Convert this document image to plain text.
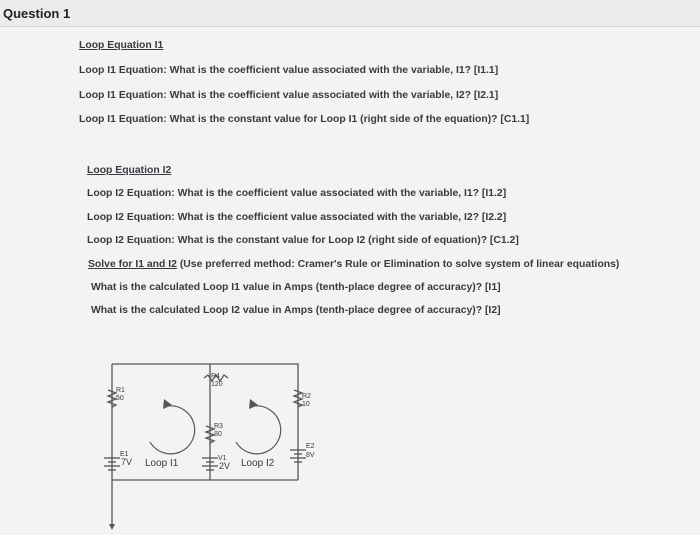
Question 1
Loop Equation I1
Loop I1 Equation: What is the coefficient value associated with the variable, I1? [I1.1]
Loop I1 Equation: What is the coefficient value associated with the variable, I2? [I2.1]
Loop I1 Equation: What is the constant value for Loop I1 (right side of the equation)? [C1.1]
Loop Equation I2
Loop I2 Equation: What is the coefficient value associated with the variable, I1? [I1.2]
Loop I2 Equation: What is the coefficient value associated with the variable, I2? [I2.2]
Loop I2 Equation: What is the constant value for Loop I2 (right side of equation)? [C1.2]
Solve for I1 and I2 (Use preferred method: Cramer's Rule or Elimination to solve system of linear equations)
What is the calculated Loop I1 value in Amps (tenth-place degree of accuracy)? [I1]
What is the calculated Loop I2 value in Amps (tenth-place degree of accuracy)? [I2]
R1
50
R4
120
R2
10
R3
80
E1
7V	V1
2V
E2
8V
Loop I1	Loop I2
